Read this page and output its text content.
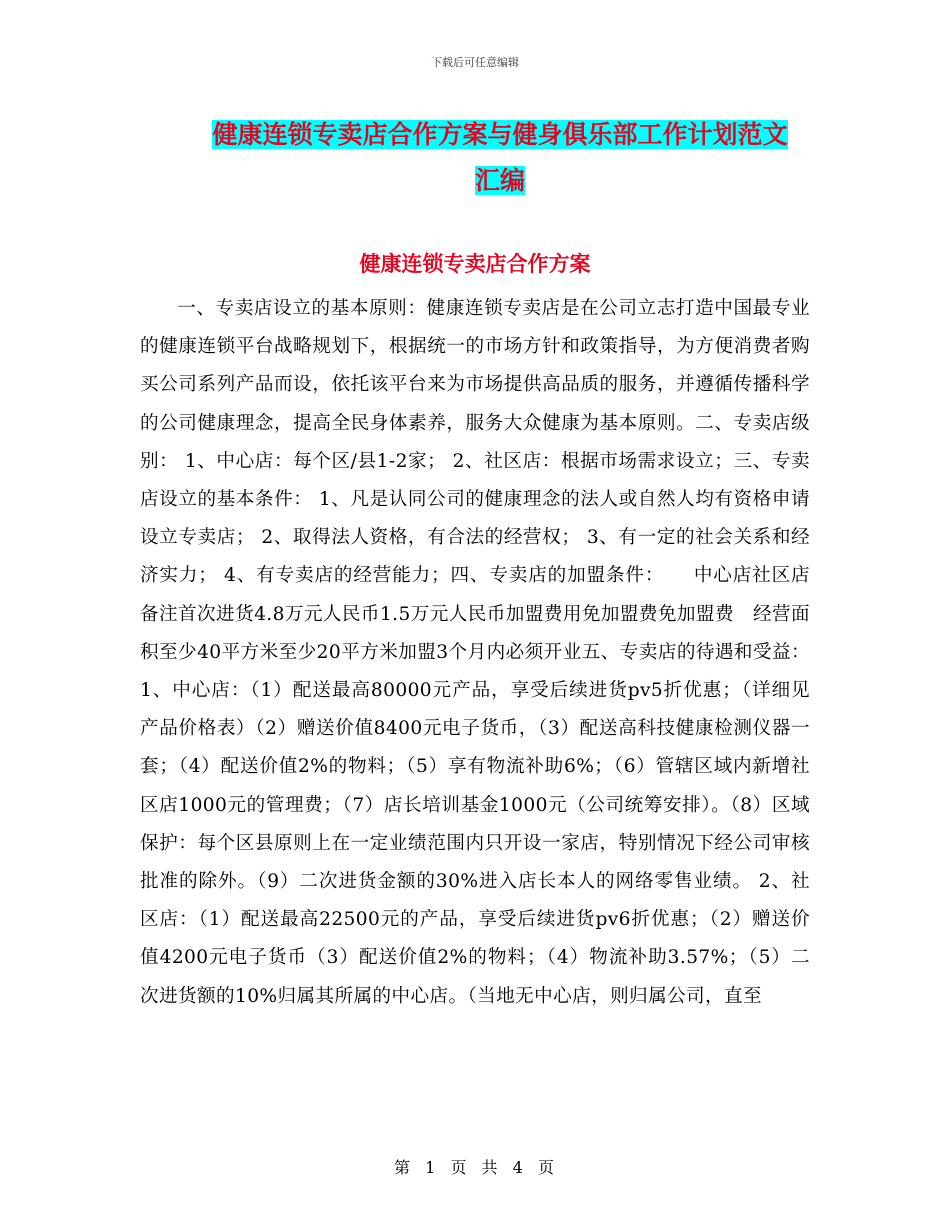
下载后可任意编辑
健康连锁专卖店合作方案与健身俱乐部工作计划范文
汇编
健康连锁专卖店合作方案

一、专卖店设立的基本原则：健康连锁专卖店是在公司立志打造中国最专业的健康连锁平台战略规划下，根据统一的市场方针和政策指导，为方便消费者购买公司系列产品而设，依托该平台来为市场提供高品质的服务，并遵循传播科学的公司健康理念，提高全民身体素养，服务大众健康为基本原则。二、专卖店级别： 1、中心店：每个区/县1-2家； 2、社区店：根据市场需求设立；三、专卖店设立的基本条件： 1、凡是认同公司的健康理念的法人或自然人均有资格申请设立专卖店； 2、取得法人资格，有合法的经营权； 3、有一定的社会关系和经济实力； 4、有专卖店的经营能力；四、专卖店的加盟条件：　　中心店社区店备注首次进货4.8万元人民币1.5万元人民币加盟费用免加盟费免加盟费　经营面积至少40平方米至少20平方米加盟3个月内必须开业五、专卖店的待遇和受益： 1、中心店：（1）配送最高80000元产品，享受后续进货pv5折优惠；（详细见产品价格表）（2）赠送价值8400元电子货币，（3）配送高科技健康检测仪器一套；（4）配送价值2%的物料；（5）享有物流补助6%；（6）管辖区域内新增社区店1000元的管理费；（7）店长培训基金1000元（公司统筹安排）。（8）区域保护：每个区县原则上在一定业绩范围内只开设一家店，特别情况下经公司审核批准的除外。（9）二次进货金额的30%进入店长本人的网络零售业绩。 2、社区店：（1）配送最高22500元的产品，享受后续进货pv6折优惠；（2）赠送价值4200元电子货币（3）配送价值2%的物料；（4）物流补助3.57%；（5）二次进货额的10%归属其所属的中心店。（当地无中心店，则归属公司，直至

第 1 页 共 4 页
